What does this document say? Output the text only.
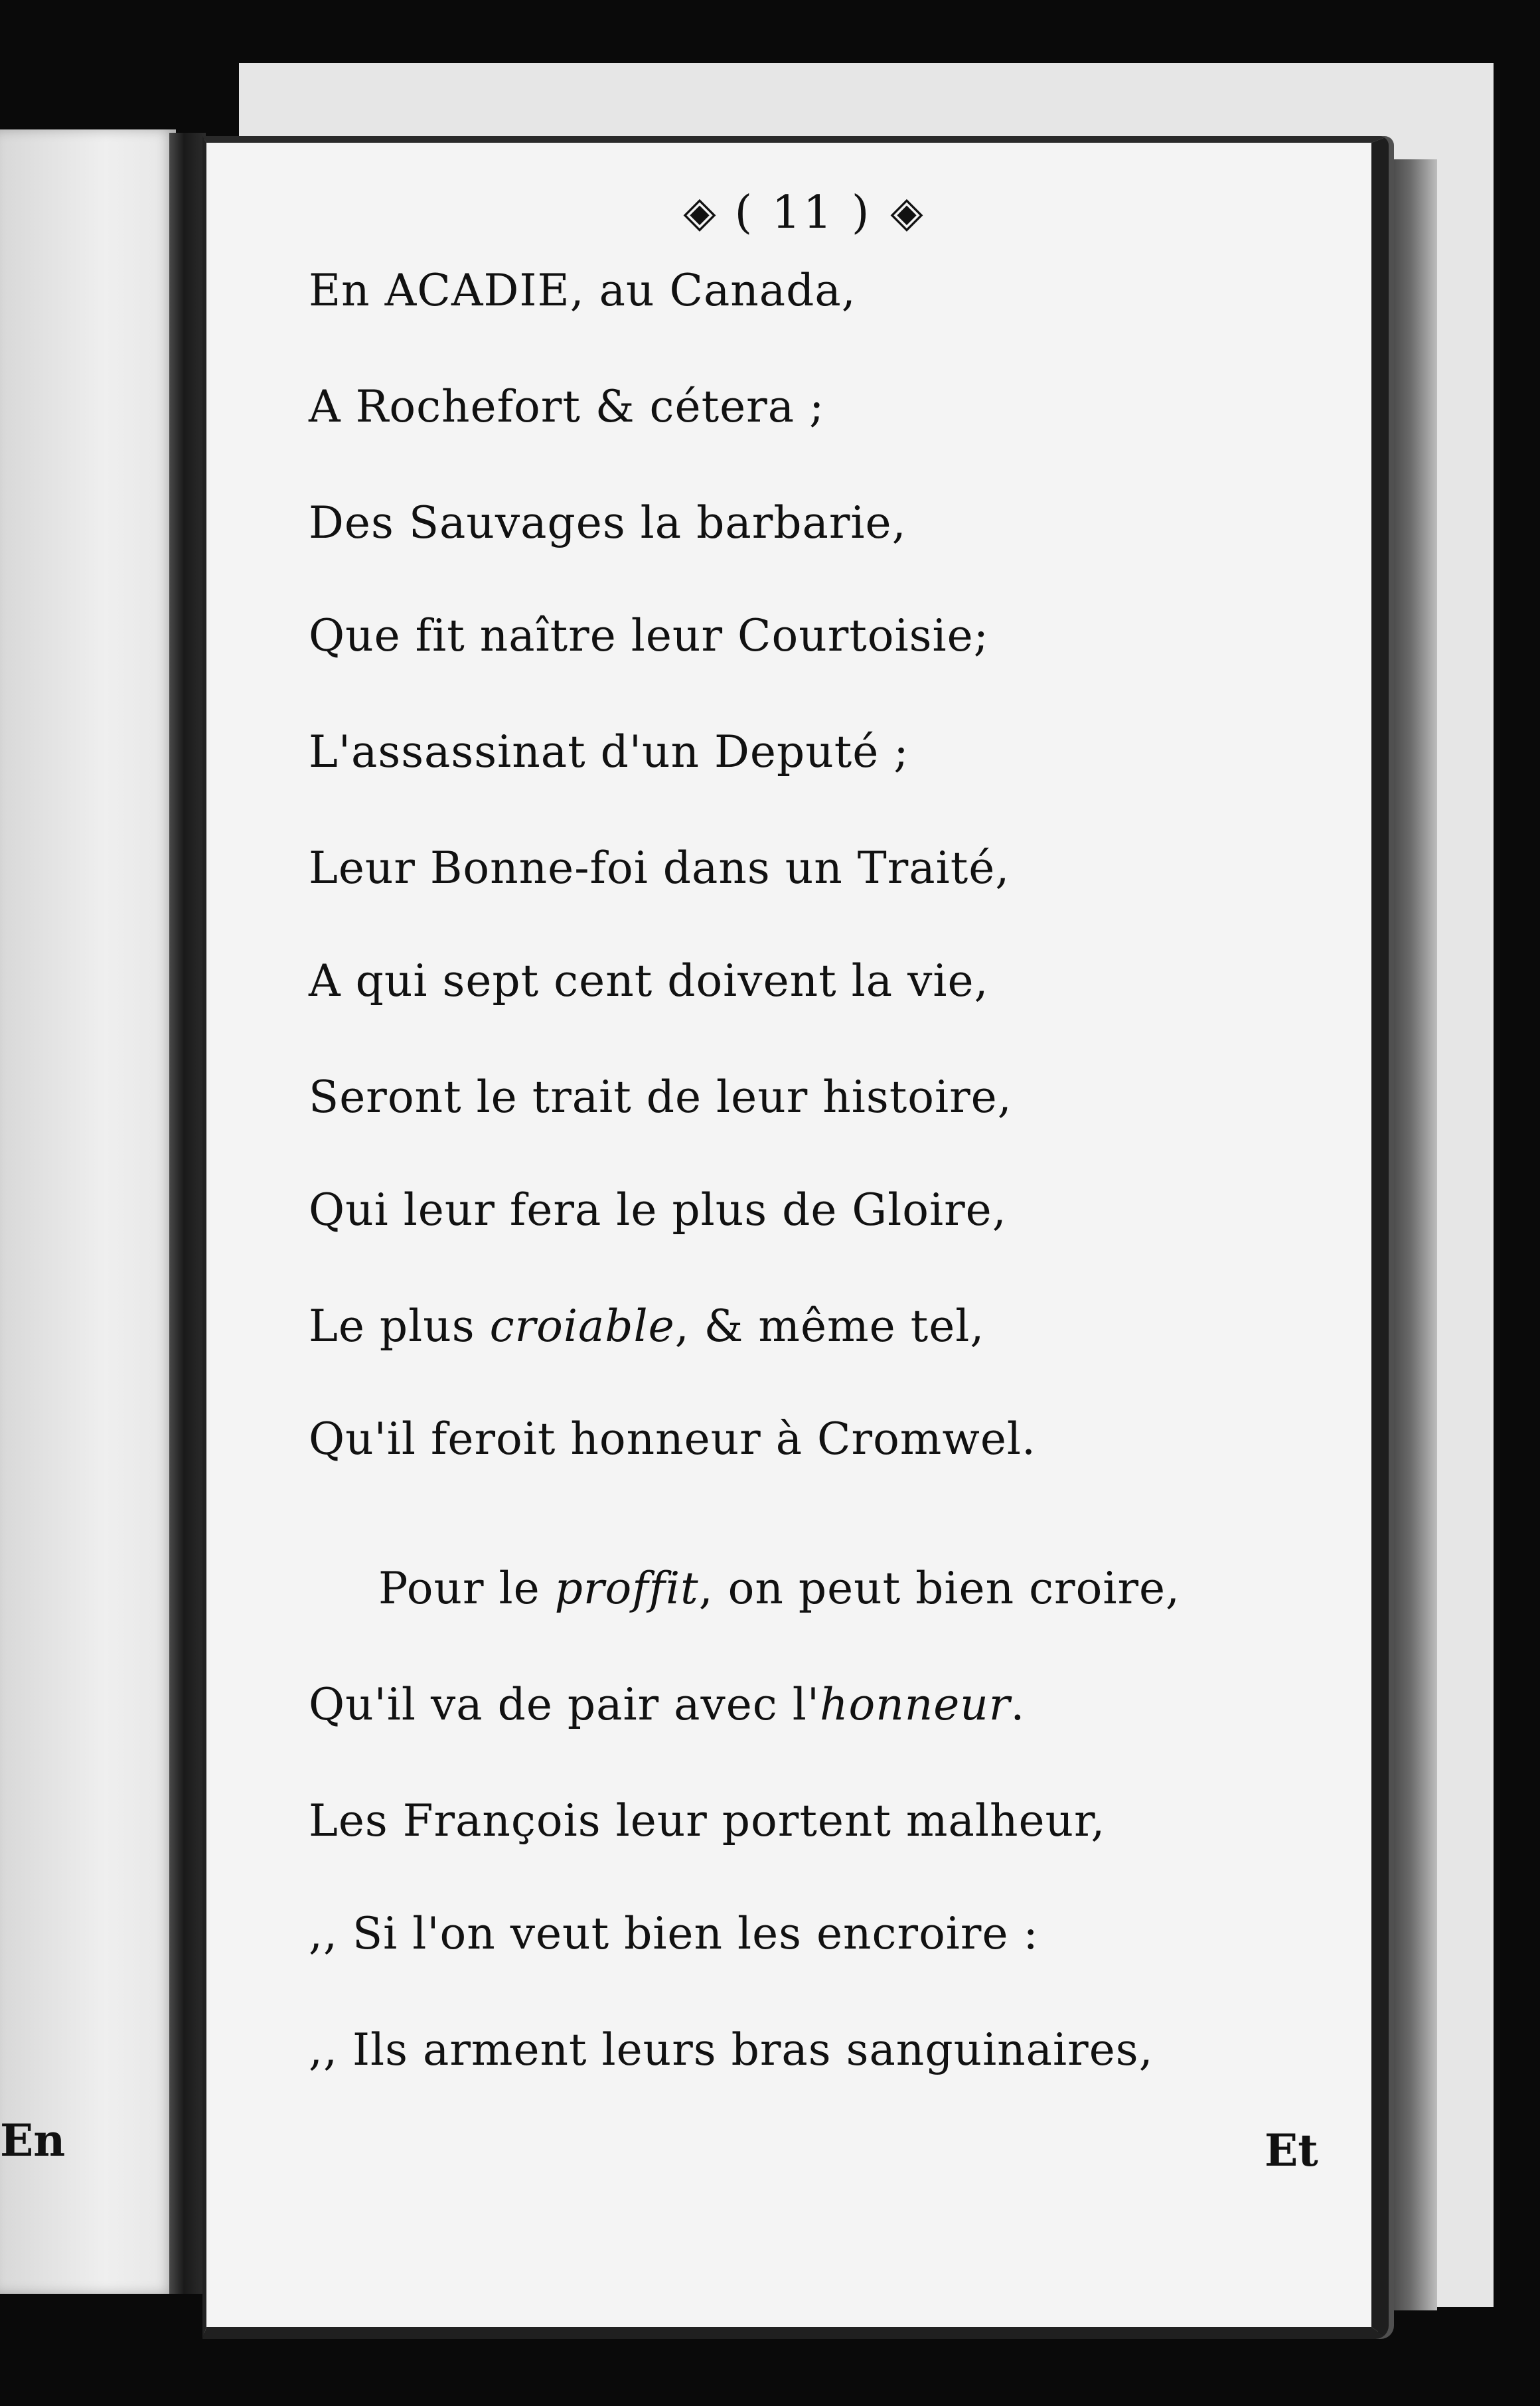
◈ ( 11 ) ◈
En ACADIE, au Canada,
A Rochefort & cétera ;
Des Sauvages la barbarie,
Que fit naître leur Courtoisie;
L'assassinat d'un Deputé ;
Leur Bonne-foi dans un Traité,
A qui sept cent doivent la vie,
Seront le trait de leur histoire,
Qui leur fera le plus de Gloire,
Le plus croiable, & même tel,
Qu'il feroit honneur à Cromwel.
Pour le proffit, on peut bien croire,
Qu'il va de pair avec l'honneur.
Les François leur portent malheur,
,, Si l'on veut bien les encroire :
,, Ils arment leurs bras sanguinaires,
En	Et
